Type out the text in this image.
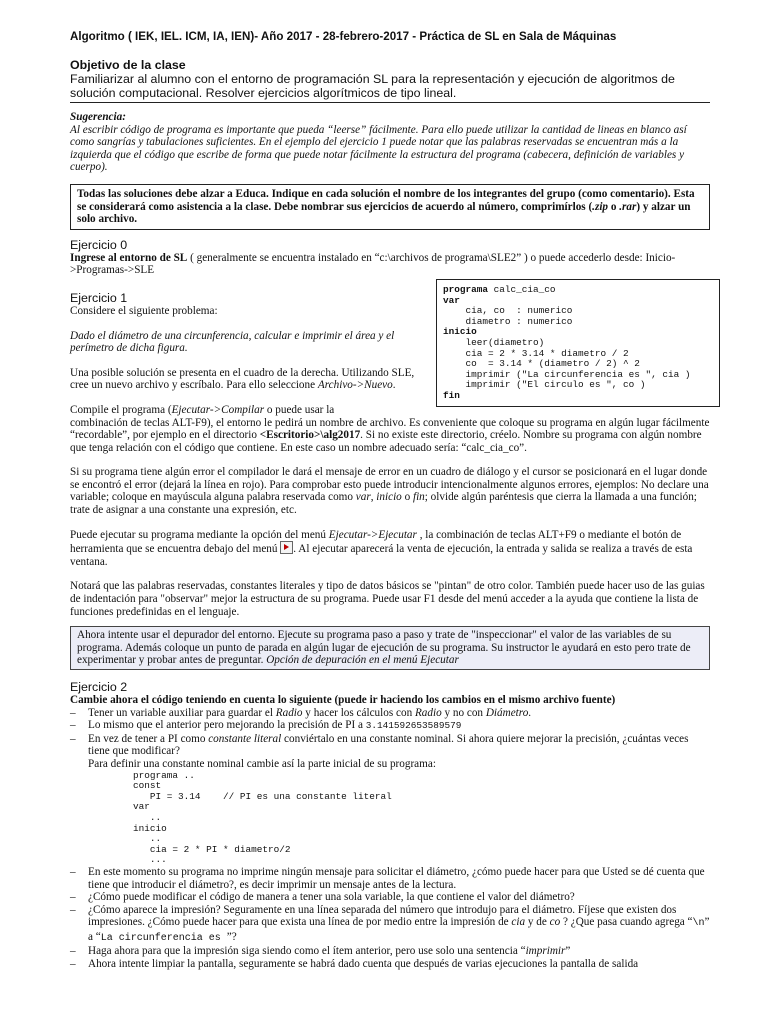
Algoritmo ( IEK, IEL. ICM, IA, IEN)- Año 2017 - 28-febrero-2017 - Práctica de SL en Sala de Máquinas
Objetivo de la clase
Familiarizar al alumno con el entorno de programación SL para la representación y ejecución de algoritmos de solución computacional. Resolver ejercicios algorítmicos de tipo lineal.
Sugerencia:
Al escribir código de programa es importante que pueda “leerse” fácilmente. Para ello puede utilizar la cantidad de lineas en blanco así como sangrías y tabulaciones suficientes. En el ejemplo del ejercicio 1 puede notar que las palabras reservadas se encuentran más a la izquierda que el código que escribe de forma que puede notar fácilmente la estructura del programa (cabecera, definición de variables y cuerpo).
Todas las soluciones debe alzar a Educa. Indique en cada solución el nombre de los integrantes del grupo (como comentario). Esta se considerará como asistencia a la clase. Debe nombrar sus ejercicios de acuerdo al número, comprimírlos (.zip o .rar) y alzar un solo archivo.
Ejercicio 0

Ingrese al entorno de SL ( generalmente se encuentra instalado en “c:\archivos de programa\SLE2” ) o puede accederlo desde: Inicio->Programas->SLE

programa calc_cia_co
var
cia, co  : numerico
diametro : numerico
inicio
leer(diametro)
cia = 2 * 3.14 * diametro / 2
co  = 3.14 * (diametro / 2) ^ 2
imprimir ("La circunferencia es ", cia )
imprimir ("El circulo es ", co )
fin
Ejercicio 1

Considere el siguiente problema:

Dado el diámetro de una circunferencia, calcular e imprimir el área y el perímetro de dicha figura.

Una posible solución se presenta en el cuadro de la derecha. Utilizando SLE, cree un nuevo archivo y escríbalo. Para ello seleccione Archivo->Nuevo.

Compile el programa (Ejecutar->Compilar o puede usar la

combinación de teclas ALT-F9), el entorno le pedirá un nombre de archivo. Es conveniente que coloque su programa en algún lugar fácilmente “recordable”, por ejemplo en el directorio <Escritorio>\alg2017. Si no existe este directorio, créelo. Nombre su programa con algún nombre que tenga relación con el código que contiene. En este caso un nombre adecuado sería: “calc_cia_co”.

Si su programa tiene algún error el compilador le dará el mensaje de error en un cuadro de diálogo y el cursor se posicionará en el lugar donde se encontró el error (dejará la línea en rojo). Para comprobar esto puede introducir intencionalmente algunos errores, ejemplos: No declare una variable; coloque en mayúscula alguna palabra reservada como var, inicio o fin; olvide algún paréntesis que cierra la llamada a una función; trate de asignar a una constante una expresión, etc.

Puede ejecutar su programa mediante la opción del menú Ejecutar->Ejecutar , la combinación de teclas ALT+F9 o mediante el botón de herramienta que se encuentra debajo del menú . Al ejecutar aparecerá la venta de ejecución, la entrada y salida se realiza a través de esta ventana.

Notará que las palabras reservadas, constantes literales y tipo de datos básicos se "pintan" de otro color. También puede hacer uso de las guias de indentación para "observar" mejor la estructura de su programa. Puede usar F1 desde del menú acceder a la ayuda que contiene la lista de funciones predefinidas en el lenguaje.

Ahora intente usar el depurador del entorno. Ejecute su programa paso a paso y trate de "inspeccionar" el valor de las variables de su programa. Además coloque un punto de parada en algún lugar de ejecución de su programa. Su instructor le ayudará en esto pero trate de experimentar y probar antes de preguntar. Opción de depuración en el menú Ejecutar
Ejercicio 2

Cambie ahora el código teniendo en cuenta lo siguiente (puede ir haciendo los cambios en el mismo archivo fuente)

– Tener un variable auxiliar para guardar el Radio y hacer los cálculos con Radio y no con Diámetro.
– Lo mismo que el anterior pero mejorando la precisión de PI a 3.141592653589579
– En vez de tener a PI como constante literal conviértalo en una constante nominal. Si ahora quiere mejorar la precisión, ¿cuántas veces tiene que modificar?
Para definir una constante nominal cambie así la parte inicial de su programa:
programa ..
const
PI = 3.14    // PI es una constante literal
var
..
inicio
..
cia = 2 * PI * diametro/2
...
– En este momento su programa no imprime ningún mensaje para solicitar el diámetro, ¿cómo puede hacer para que Usted se dé cuenta que tiene que introducir el diámetro?, es decir imprimir un mensaje antes de la lectura.
– ¿Cómo puede modificar el código de manera a tener una sola variable, la que contiene el valor del diámetro?
– ¿Cómo aparece la impresión? Seguramente en una línea separada del número que introdujo para el diámetro. Fíjese que existen dos impresiones. ¿Cómo puede hacer para que exista una línea de por medio entre la impresión de cia y de co ? ¿Que pasa cuando agrega “\n” a “La circunferencia es ”?
– Haga ahora para que la impresión siga siendo como el ítem anterior, pero use solo una sentencia “imprimir”
– Ahora intente limpiar la pantalla, seguramente se habrá dado cuenta que después de varias ejecuciones la pantalla de salida
